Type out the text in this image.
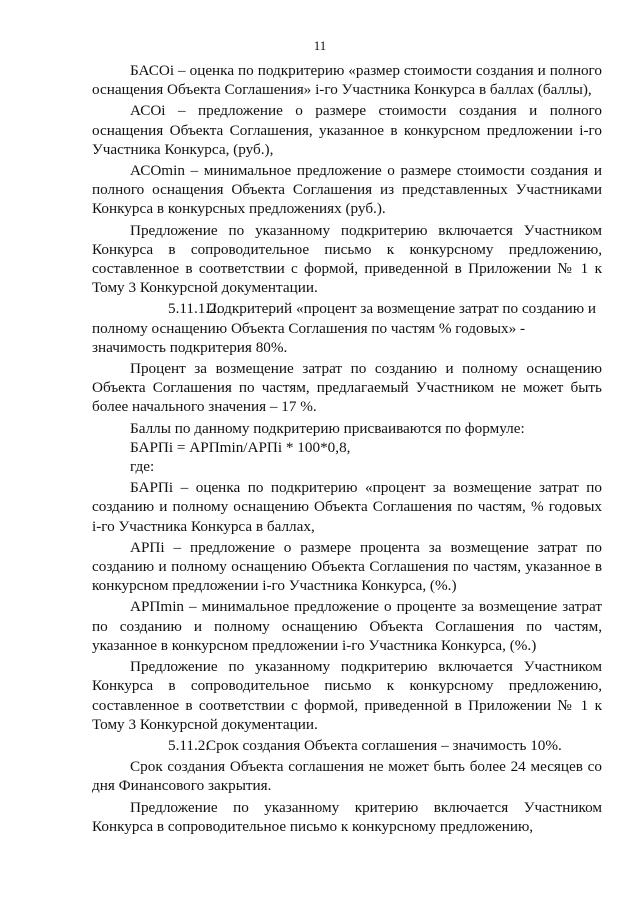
11

БАСОi – оценка по подкритерию «размер стоимости создания и полного оснащения Объекта Соглашения» i-го Участника Конкурса в баллах (баллы),

АСОi – предложение о размере стоимости создания и полного оснащения Объекта Соглашения, указанное в конкурсном предложении i-го Участника Конкурса, (руб.),

АСОmin – минимальное предложение о размере стоимости создания и полного оснащения Объекта Соглашения из представленных Участниками Конкурса в конкурсных предложениях (руб.).

Предложение по указанному подкритерию включается Участником Конкурса в сопроводительное письмо к конкурсному предложению, составленное в соответствии с формой, приведенной в Приложении № 1 к Тому 3 Конкурсной документации.

5.11.1.2.Подкритерий «процент за возмещение затрат по созданию и полному оснащению Объекта Соглашения по частям % годовых» - значимость подкритерия 80%.

Процент за возмещение затрат по созданию и полному оснащению Объекта Соглашения по частям, предлагаемый Участником не может быть более начального значения – 17 %.

Баллы по данному подкритерию присваиваются по формуле:

БАРПi = АРПmin/АРПi * 100*0,8,

где:

БАРПi – оценка по подкритерию «процент за возмещение затрат по созданию и полному оснащению Объекта Соглашения по частям, % годовых i-го Участника Конкурса в баллах,

АРПi – предложение о размере процента за возмещение затрат по созданию и полному оснащению Объекта Соглашения по частям, указанное в конкурсном предложении i-го Участника Конкурса, (%.)

АРПmin – минимальное предложение о проценте за возмещение затрат по созданию и полному оснащению Объекта Соглашения по частям, указанное в конкурсном предложении i-го Участника Конкурса, (%.)

Предложение по указанному подкритерию включается Участником Конкурса в сопроводительное письмо к конкурсному предложению, составленное в соответствии с формой, приведенной в Приложении № 1 к Тому 3 Конкурсной документации.

5.11.2.Срок создания Объекта соглашения – значимость 10%.

Срок создания Объекта соглашения не может быть более 24 месяцев со дня Финансового закрытия.

Предложение по указанному критерию включается Участником Конкурса в сопроводительное письмо к конкурсному предложению,
